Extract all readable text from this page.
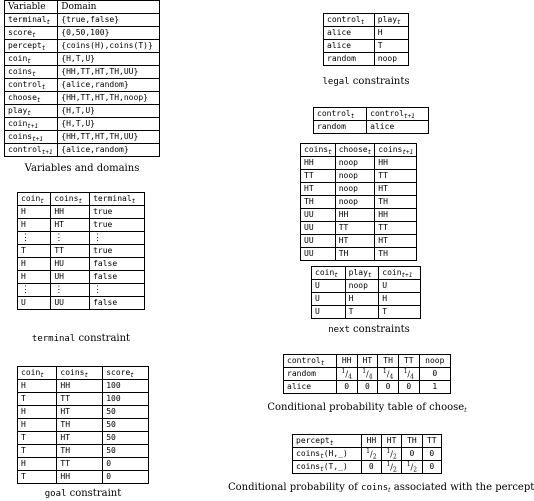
Variable	Domain
terminal$_t$	{true,false}
score$_t$	{0,50,100}
percept$_t$	{coins(H),coins(T)}
coin$_t$	{H,T,U}
coins$_t$	{HH,TT,HT,TH,UU}
control$_t$	{alice,random}
choose$_t$	{HH,TT,HT,TH,noop}
play$_t$	{H,T,U}
coin$_{t+1}$	{H,T,U}
coins$_{t+1}$	{HH,TT,HT,TH,UU}
control$_{t+1}$	{alice,random}
Variables and domains
coin$_t$	coins$_t$	terminal$_t$
H	HH	true
H	HT	true
⋮	⋮	⋮
T	TT	true
H	HU	false
H	UH	false
⋮	⋮	⋮
U	UU	false
terminal constraint
coin$_t$	coins$_t$	score$_t$
H	HH	100
T	TT	100
H	HT	50
H	TH	50
T	HT	50
T	TH	50
H	TT	0
T	HH	0
goal constraint
control$_t$	play$_t$
alice	H
alice	T
random	noop
legal constraints
control$_t$	control$_{t+1}$
random	alice
coins$_t$	choose$_t$	coins$_{t+1}$
HH	noop	HH
TT	noop	TT
HT	noop	HT
TH	noop	TH
UU	HH	HH
UU	TT	TT
UU	HT	HT
UU	TH	TH
coin$_t$	play$_t$	coin$_{t+1}$
U	noop	U
U	H	H
U	T	T
next constraints
control$_t$	HH	HT	TH	TT	noop
random	$^1/_4$	$^1/_4$	$^1/_4$	$^1/_4$	0
alice	0	0	0	0	1
Conditional probability table of choose$_t$
percept$_t$	HH	HT	TH	TT
coins$_t$(H,_)	$^1/_2$	$^1/_2$	0	0
coins$_t$(T,_)	0	$^1/_2$	$^1/_2$	0
Conditional probability of coins$_t$ associated with the percept
